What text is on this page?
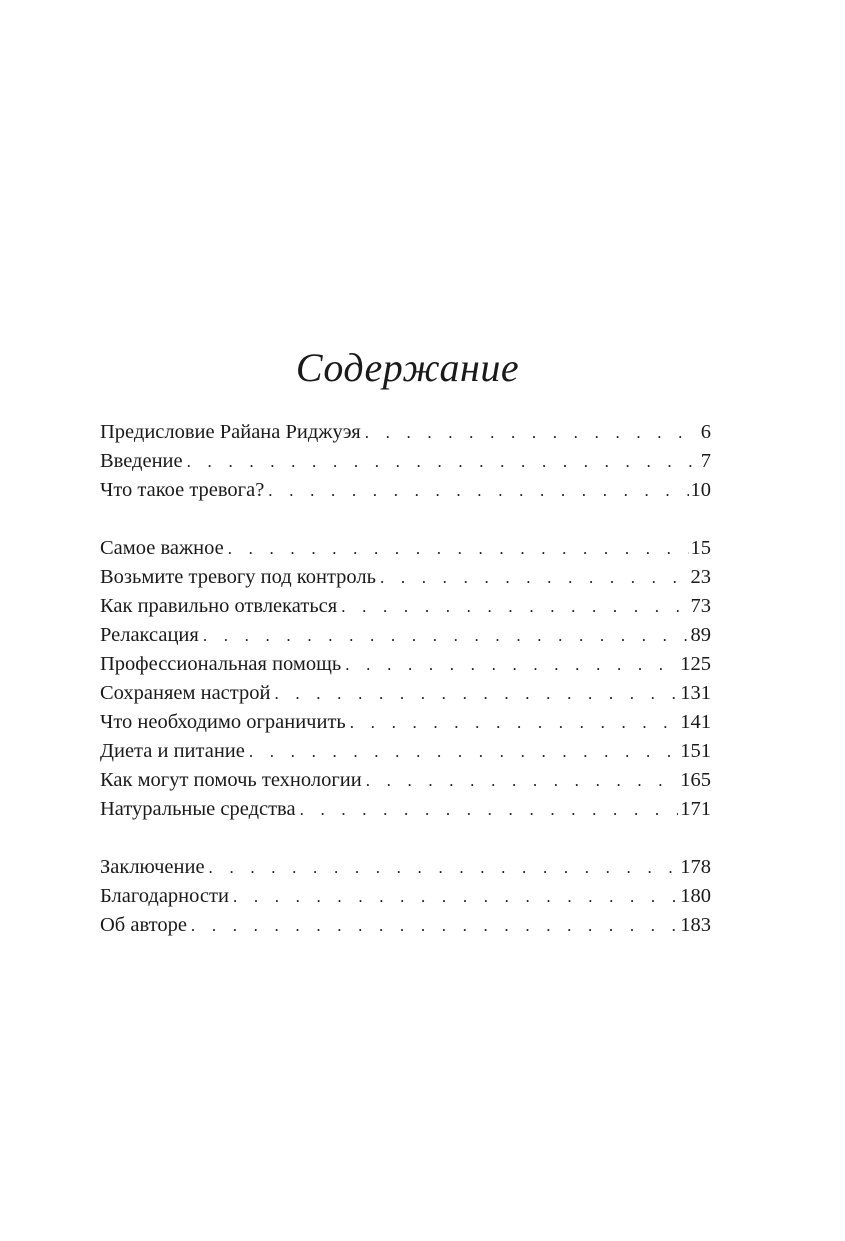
Содержание
Предисловие Райана Риджуэя . . .	6
Введение . . .	7
Что такое тревога? . . .	10
Самое важное . . .	15
Возьмите тревогу под контроль . . .	23
Как правильно отвлекаться . . .	73
Релаксация . . .	89
Профессиональная помощь . . .	125
Сохраняем настрой . . .	131
Что необходимо ограничить . . .	141
Диета и питание . . .	151
Как могут помочь технологии . . .	165
Натуральные средства . . .	171
Заключение . . .	178
Благодарности . . .	180
Об авторе . . .	183
